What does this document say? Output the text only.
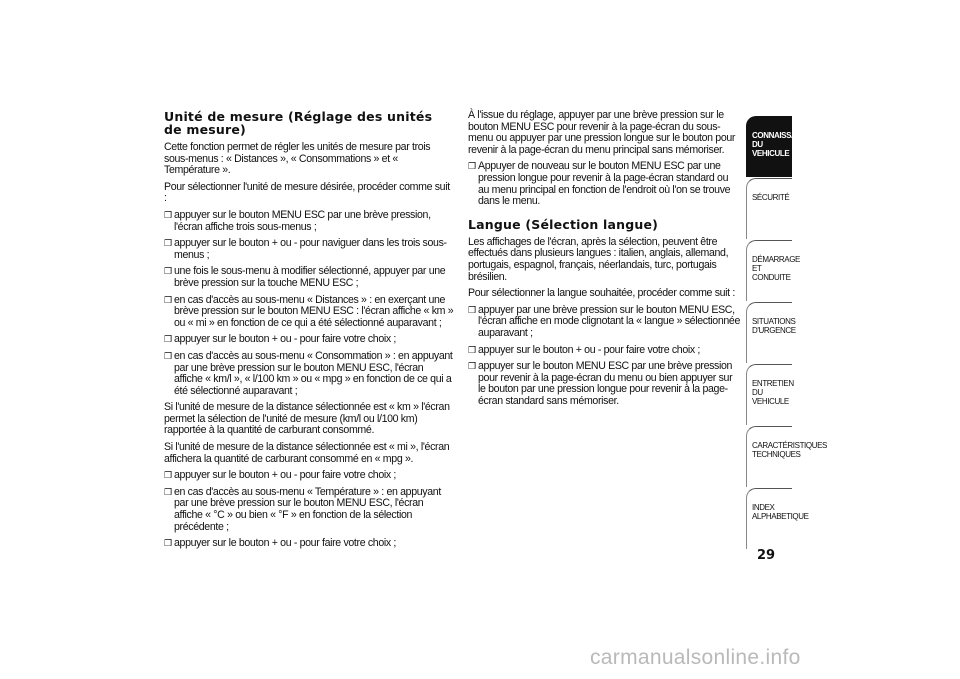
Unité de mesure (Réglage des unités de mesure)

Cette fonction permet de régler les unités de mesure par trois sous-menus : « Distances », « Consommations » et « Température ».

Pour sélectionner l'unité de mesure désirée, procéder comme suit :

❒ appuyer sur le bouton MENU ESC par une brève pression, l'écran affiche trois sous-menus ;
❒ appuyer sur le bouton + ou - pour naviguer dans les trois sous-menus ;
❒ une fois le sous-menu à modifier sélectionné, appuyer par une brève pression sur la touche MENU ESC ;
❒ en cas d'accès au sous-menu « Distances » : en exerçant une brève pression sur le bouton MENU ESC : l'écran affiche « km » ou « mi » en fonction de ce qui a été sélectionné auparavant ;
❒ appuyer sur le bouton + ou - pour faire votre choix ;
❒ en cas d'accès au sous-menu « Consommation » : en appuyant par une brève pression sur le bouton MENU ESC, l'écran affiche « km/l », « l/100 km » ou « mpg » en fonction de ce qui a été sélectionné auparavant ;

Si l'unité de mesure de la distance sélectionnée est « km » l'écran permet la sélection de l'unité de mesure (km/l ou l/100 km) rapportée à la quantité de carburant consommé.

Si l'unité de mesure de la distance sélectionnée est « mi », l'écran affichera la quantité de carburant consommé en « mpg ».

❒ appuyer sur le bouton + ou - pour faire votre choix ;
❒ en cas d'accès au sous-menu « Température » : en appuyant par une brève pression sur le bouton MENU ESC, l'écran affiche « °C » ou bien « °F » en fonction de la sélection précédente ;
❒ appuyer sur le bouton + ou - pour faire votre choix ;

À l'issue du réglage, appuyer par une brève pression sur le bouton MENU ESC pour revenir à la page-écran du sous-menu ou appuyer par une pression longue sur le bouton pour revenir à la page-écran du menu principal sans mémoriser.

❒ Appuyer de nouveau sur le bouton MENU ESC par une pression longue pour revenir à la page-écran standard ou au menu principal en fonction de l'endroit où l'on se trouve dans le menu.
Langue (Sélection langue)

Les affichages de l'écran, après la sélection, peuvent être effectués dans plusieurs langues : italien, anglais, allemand, portugais, espagnol, français, néerlandais, turc, portugais brésilien.

Pour sélectionner la langue souhaitée, procéder comme suit :

❒ appuyer par une brève pression sur le bouton MENU ESC, l'écran affiche en mode clignotant la « langue » sélectionnée auparavant ;
❒ appuyer sur le bouton + ou - pour faire votre choix ;
❒ appuyer sur le bouton MENU ESC par une brève pression pour revenir à la page-écran du menu ou bien appuyer sur le bouton par une pression longue pour revenir à la page-écran standard sans mémoriser.
CONNAISSANCE DU VEHICULE
SÉCURITÉ
DÉMARRAGE ET CONDUITE
SITUATIONS D'URGENCE
ENTRETIEN DU VEHICULE
CARACTÉRISTIQUES TECHNIQUES
INDEX ALPHABETIQUE
29
carmanualsonline.info
